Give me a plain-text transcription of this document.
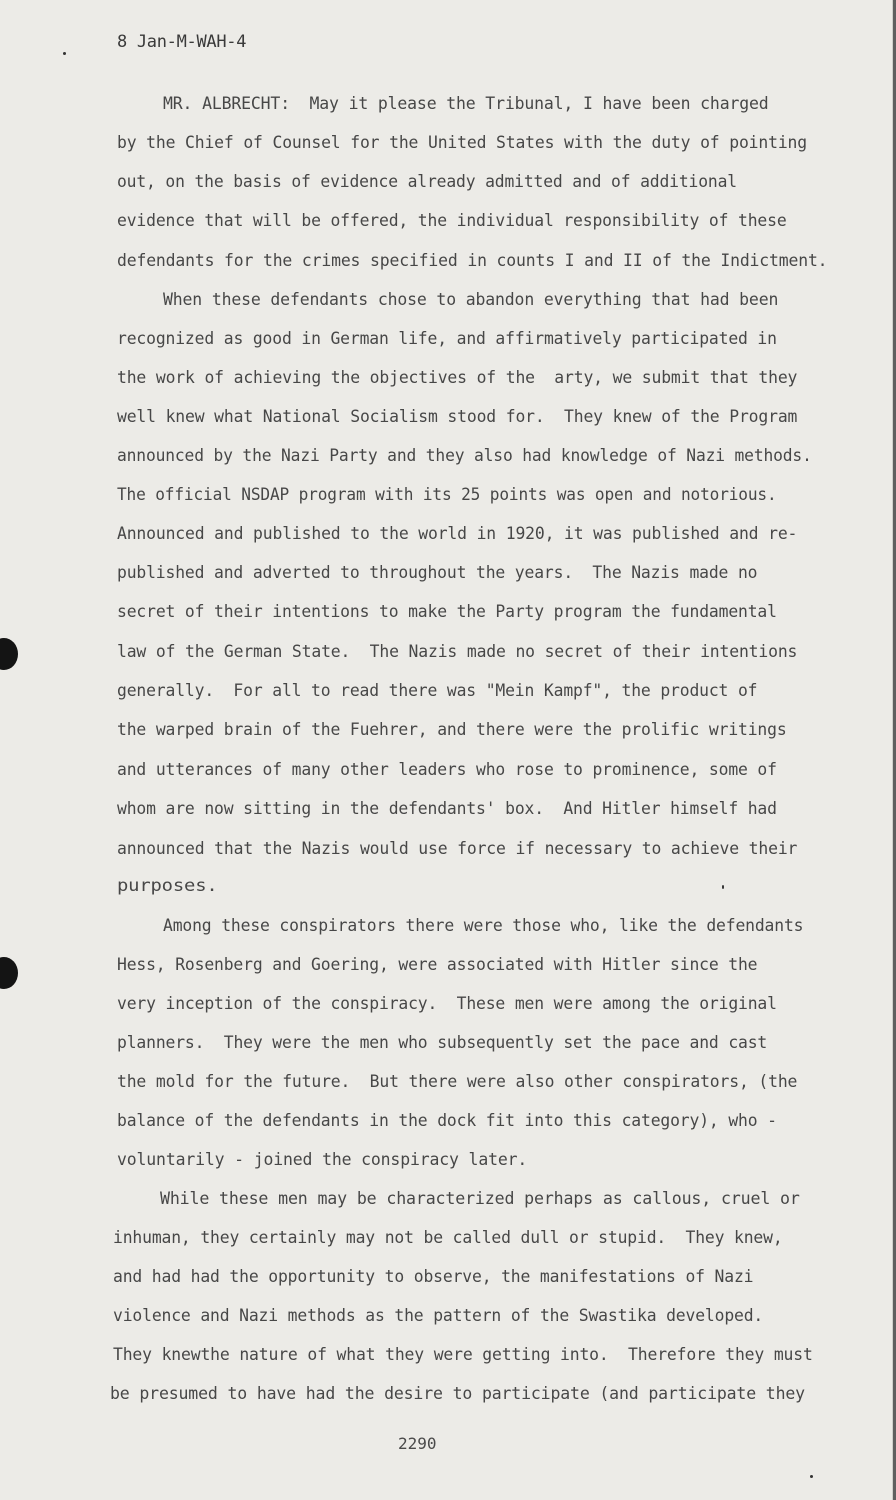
8 Jan-M-WAH-4
MR. ALBRECHT:  May it please the Tribunal, I have been charged
by the Chief of Counsel for the United States with the duty of pointing
out, on the basis of evidence already admitted and of additional
evidence that will be offered, the individual responsibility of these
defendants for the crimes specified in counts I and II of the Indictment.
When these defendants chose to abandon everything that had been
recognized as good in German life, and affirmatively participated in
the work of achieving the objectives of the  arty, we submit that they
well knew what National Socialism stood for.  They knew of the Program
announced by the Nazi Party and they also had knowledge of Nazi methods.
The official NSDAP program with its 25 points was open and notorious.
Announced and published to the world in 1920, it was published and re-
published and adverted to throughout the years.  The Nazis made no
secret of their intentions to make the Party program the fundamental
law of the German State.  The Nazis made no secret of their intentions
generally.  For all to read there was "Mein Kampf", the product of
the warped brain of the Fuehrer, and there were the prolific writings
and utterances of many other leaders who rose to prominence, some of
whom are now sitting in the defendants' box.  And Hitler himself had
announced that the Nazis would use force if necessary to achieve their
purposes.
Among these conspirators there were those who, like the defendants
Hess, Rosenberg and Goering, were associated with Hitler since the
very inception of the conspiracy.  These men were among the original
planners.  They were the men who subsequently set the pace and cast
the mold for the future.  But there were also other conspirators, (the
balance of the defendants in the dock fit into this category), who -
voluntarily - joined the conspiracy later.
While these men may be characterized perhaps as callous, cruel or
inhuman, they certainly may not be called dull or stupid.  They knew,
and had had the opportunity to observe, the manifestations of Nazi
violence and Nazi methods as the pattern of the Swastika developed.
They knewthe nature of what they were getting into.  Therefore they must
be presumed to have had the desire to participate (and participate they
2290
